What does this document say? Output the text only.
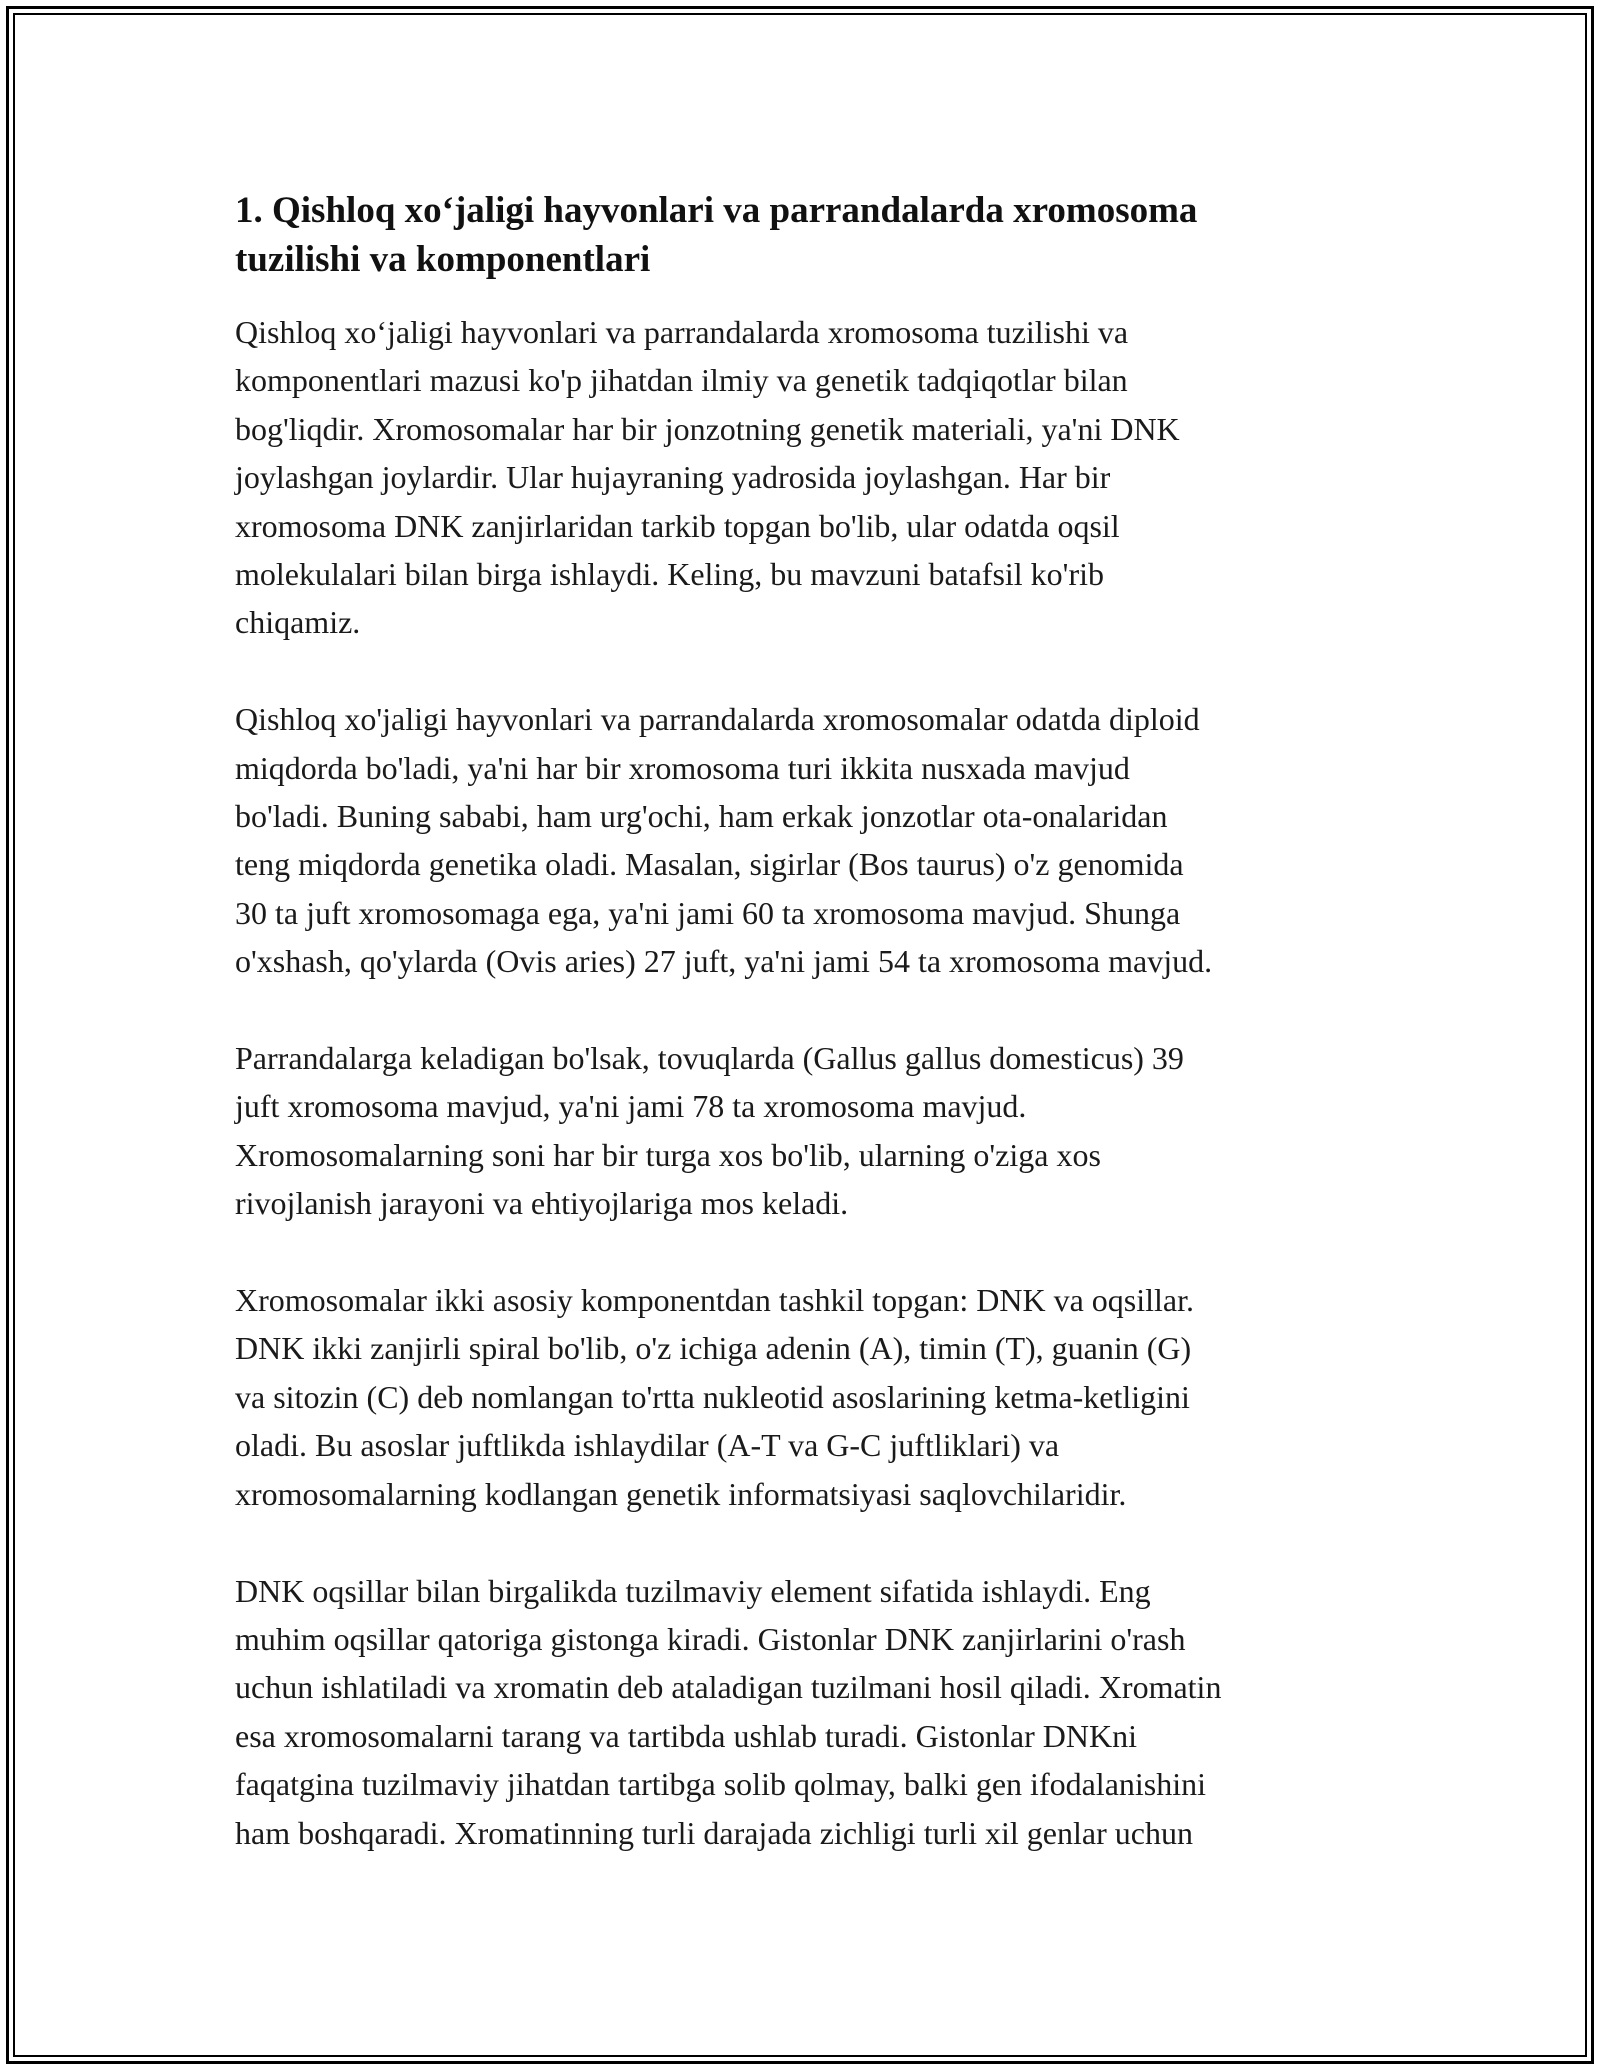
1. Qishloq xo‘jaligi hayvonlari va parrandalarda xromosoma
tuzilishi va komponentlari

Qishloq xo‘jaligi hayvonlari va parrandalarda xromosoma tuzilishi va
komponentlari mazusi ko'p jihatdan ilmiy va genetik tadqiqotlar bilan
bog'liqdir. Xromosomalar har bir jonzotning genetik materiali, ya'ni DNK
joylashgan joylardir. Ular hujayraning yadrosida joylashgan. Har bir
xromosoma DNK zanjirlaridan tarkib topgan bo'lib, ular odatda oqsil
molekulalari bilan birga ishlaydi. Keling, bu mavzuni batafsil ko'rib
chiqamiz.

Qishloq xo'jaligi hayvonlari va parrandalarda xromosomalar odatda diploid
miqdorda bo'ladi, ya'ni har bir xromosoma turi ikkita nusxada mavjud
bo'ladi. Buning sababi, ham urg'ochi, ham erkak jonzotlar ota-onalaridan
teng miqdorda genetika oladi. Masalan, sigirlar (Bos taurus) o'z genomida
30 ta juft xromosomaga ega, ya'ni jami 60 ta xromosoma mavjud. Shunga
o'xshash, qo'ylarda (Ovis aries) 27 juft, ya'ni jami 54 ta xromosoma mavjud.

Parrandalarga keladigan bo'lsak, tovuqlarda (Gallus gallus domesticus) 39
juft xromosoma mavjud, ya'ni jami 78 ta xromosoma mavjud.
Xromosomalarning soni har bir turga xos bo'lib, ularning o'ziga xos
rivojlanish jarayoni va ehtiyojlariga mos keladi.

Xromosomalar ikki asosiy komponentdan tashkil topgan: DNK va oqsillar.
DNK ikki zanjirli spiral bo'lib, o'z ichiga adenin (A), timin (T), guanin (G)
va sitozin (C) deb nomlangan to'rtta nukleotid asoslarining ketma-ketligini
oladi. Bu asoslar juftlikda ishlaydilar (A-T va G-C juftliklari) va
xromosomalarning kodlangan genetik informatsiyasi saqlovchilaridir.

DNK oqsillar bilan birgalikda tuzilmaviy element sifatida ishlaydi. Eng
muhim oqsillar qatoriga gistonga kiradi. Gistonlar DNK zanjirlarini o'rash
uchun ishlatiladi va xromatin deb ataladigan tuzilmani hosil qiladi. Xromatin
esa xromosomalarni tarang va tartibda ushlab turadi. Gistonlar DNKni
faqatgina tuzilmaviy jihatdan tartibga solib qolmay, balki gen ifodalanishini
ham boshqaradi. Xromatinning turli darajada zichligi turli xil genlar uchun
